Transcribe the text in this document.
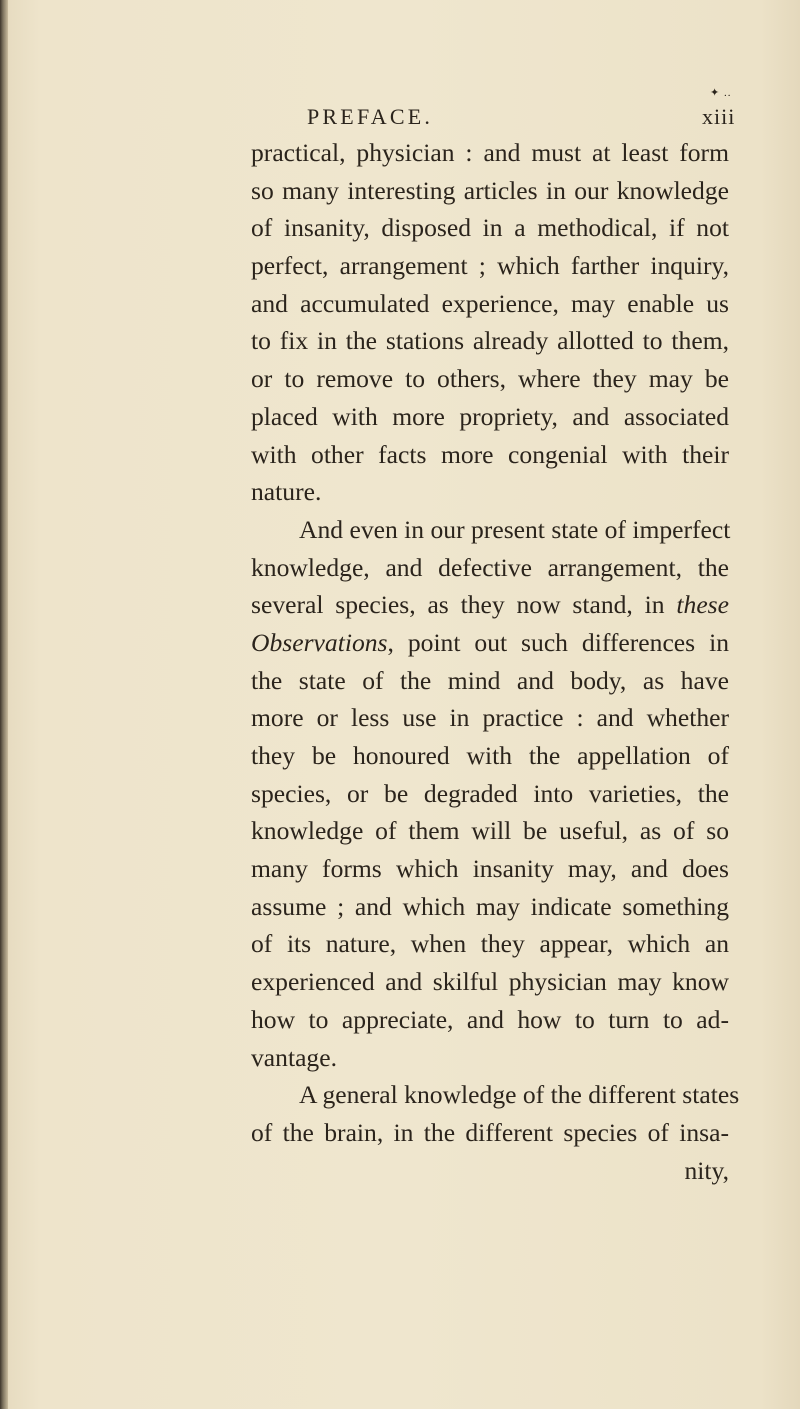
PREFACE.
✦ ..	xiii
practical, physician : and must at least form
so many interesting articles in our knowledge
of insanity, disposed in a methodical, if not
perfect, arrangement ; which farther inquiry,
and accumulated experience, may enable us
to fix in the stations already allotted to them,
or to remove to others, where they may be
placed with more propriety, and associated
with other facts more congenial with their
nature.
And even in our present state of imperfect
knowledge, and defective arrangement, the
several species, as they now stand, in these
Observations, point out such differences in
the state of the mind and body, as have
more or less use in practice : and whether
they be honoured with the appellation of
species, or be degraded into varieties, the
knowledge of them will be useful, as of so
many forms which insanity may, and does
assume ; and which may indicate something
of its nature, when they appear, which an
experienced and skilful physician may know
how to appreciate, and how to turn to ad-
vantage.
A general knowledge of the different states
of the brain, in the different species of insa-
nity,
